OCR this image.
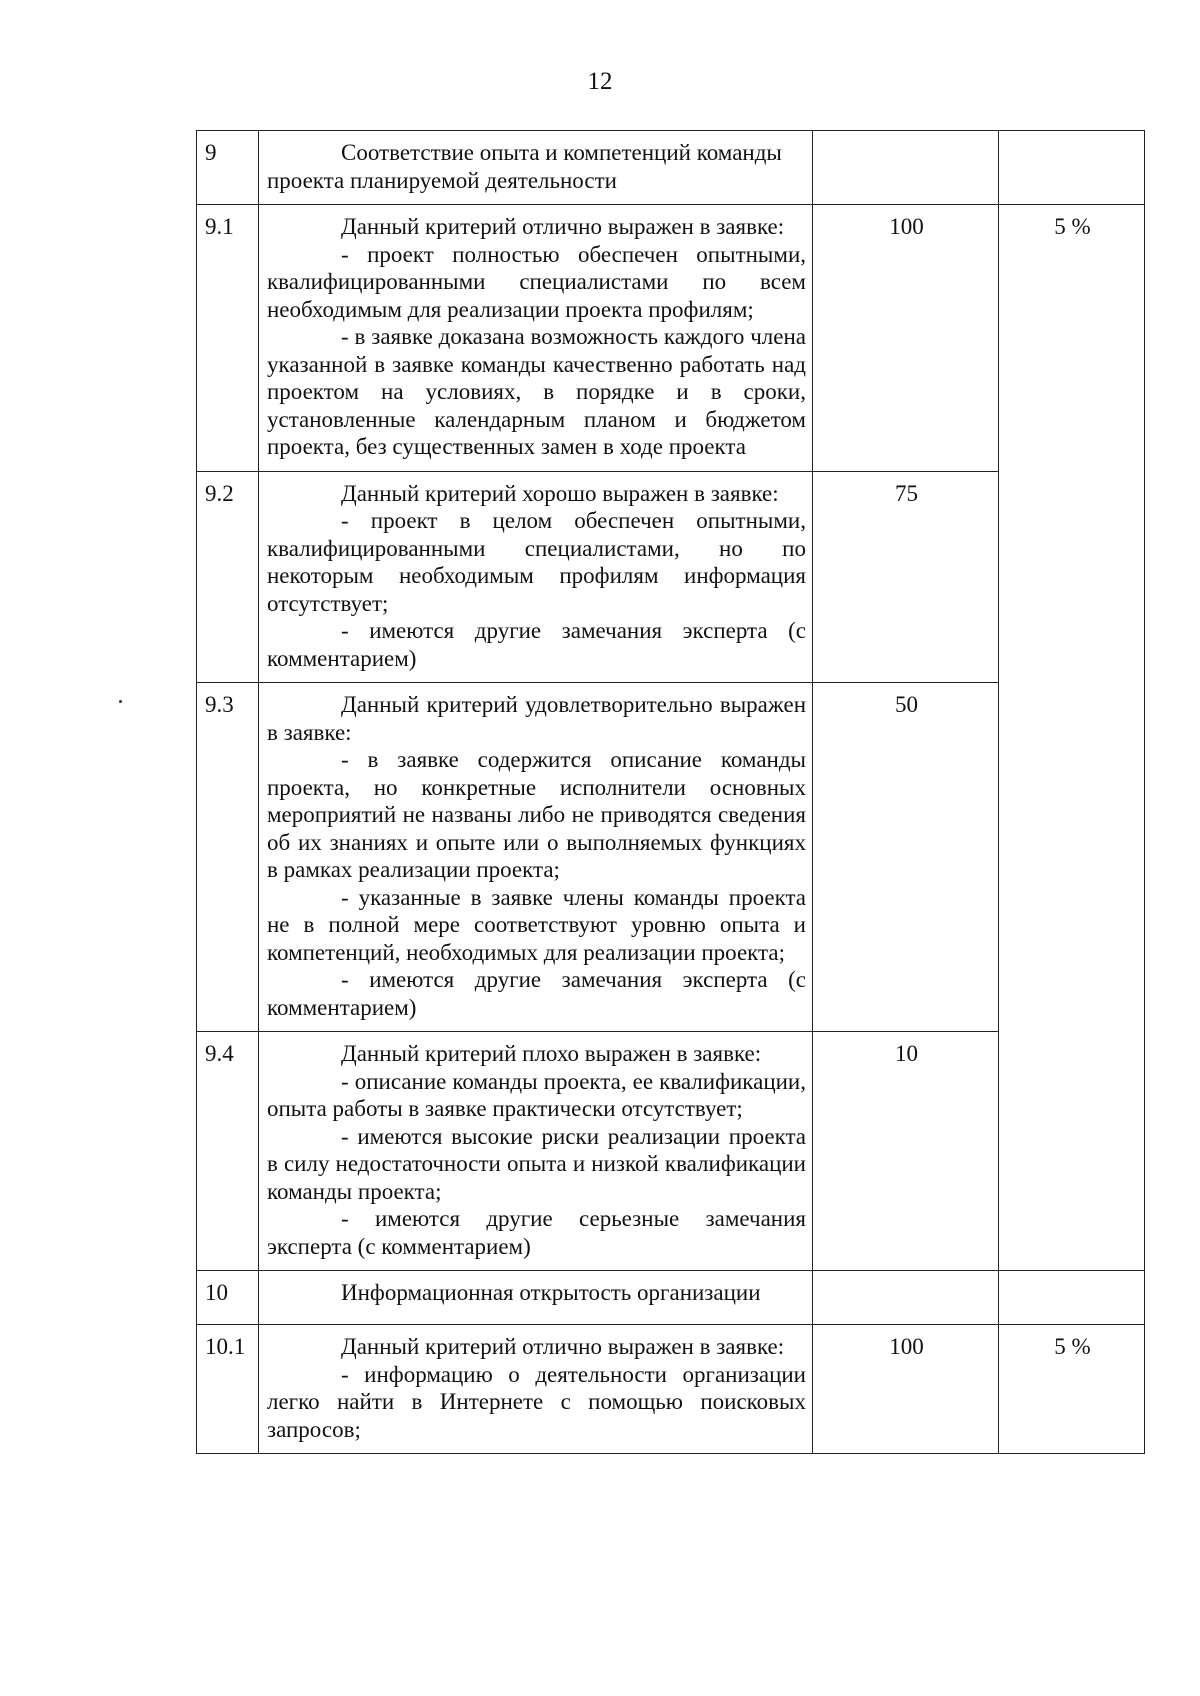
12
9	Соответствие опыта и компетенций команды проекта планируемой деятельности		

9.1	Данный критерий отлично выражен в заявке:

- проект полностью обеспечен опытными, квалифицированными специалистами по всем необходимым для реализации проекта профилям;

- в заявке доказана возможность каждого члена указанной в заявке команды качественно работать над проектом на условиях, в порядке и в сроки, установленные календарным планом и бюджетом проекта, без существенных замен в ходе проекта	100	5 %
9.2	Данный критерий хорошо выражен в заявке:

- проект в целом обеспечен опытными, квалифицированными специалистами, но по некоторым необходимым профилям информация отсутствует;

- имеются другие замечания эксперта (с комментарием)	75	
9.3	Данный критерий удовлетворительно выражен в заявке:

- в заявке содержится описание команды проекта, но конкретные исполнители основных мероприятий не названы либо не приводятся сведения об их знаниях и опыте или о выполняемых функциях в рамках реализации проекта;

- указанные в заявке члены команды проекта не в полной мере соответствуют уровню опыта и компетенций, необходимых для реализации проекта;

- имеются другие замечания эксперта (с комментарием)	50	
9.4	Данный критерий плохо выражен в заявке:

- описание команды проекта, ее квалификации, опыта работы в заявке практически отсутствует;

- имеются высокие риски реализации проекта в силу недостаточности опыта и низкой квалификации команды проекта;

- имеются другие серьезные замечания эксперта (с комментарием)	10	
10	Информационная открытость организации		

10.1	Данный критерий отлично выражен в заявке:

- информацию о деятельности организации легко найти в Интернете с помощью поисковых запросов;	100	5 %
